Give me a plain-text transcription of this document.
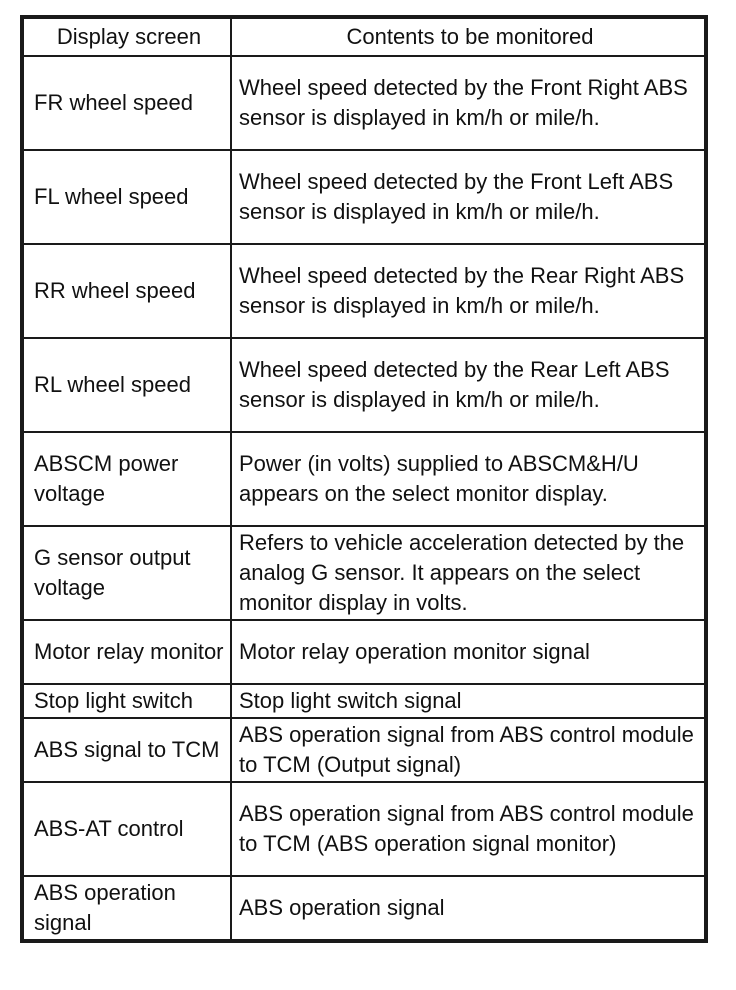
Display screen	Contents to be monitored
FR wheel speed	Wheel speed detected by the Front Right ABS sensor is displayed in km/h or mile/h.
FL wheel speed	Wheel speed detected by the Front Left ABS sensor is displayed in km/h or mile/h.
RR wheel speed	Wheel speed detected by the Rear Right ABS sensor is displayed in km/h or mile/h.
RL wheel speed	Wheel speed detected by the Rear Left ABS sensor is displayed in km/h or mile/h.
ABSCM power voltage	Power (in volts) supplied to ABSCM&H/U appears on the select monitor display.
G sensor output voltage	Refers to vehicle acceleration detected by the analog G sensor. It appears on the select monitor display in volts.
Motor relay monitor	Motor relay operation monitor signal
Stop light switch	Stop light switch signal
ABS signal to TCM	ABS operation signal from ABS control module to TCM (Output signal)
ABS-AT control	ABS operation signal from ABS control module to TCM (ABS operation signal monitor)
ABS operation signal	ABS operation signal
